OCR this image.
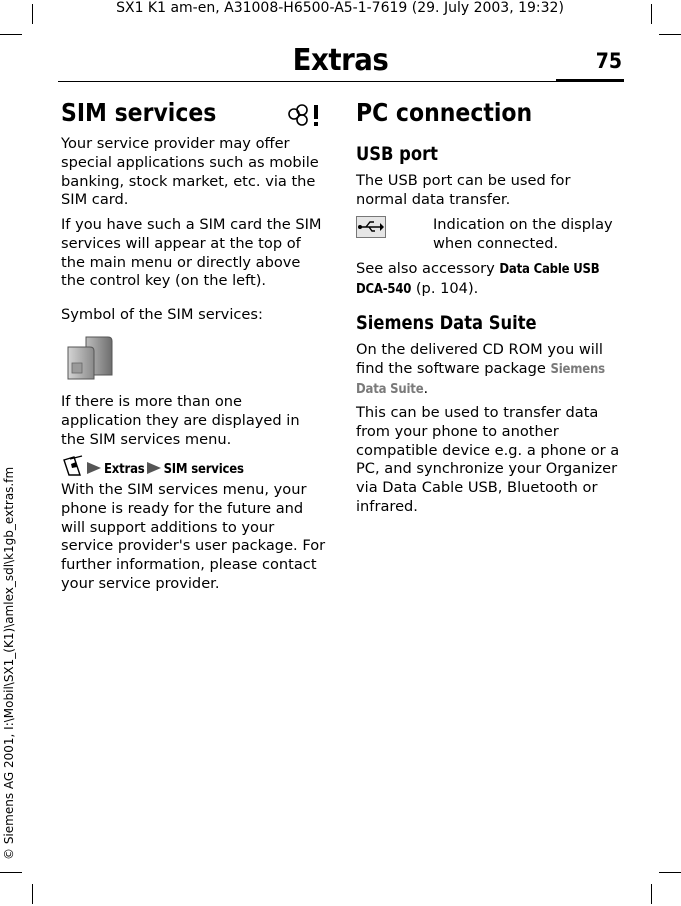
SX1 K1 am-en, A31008-H6500-A5-1-7619 (29. July 2003, 19:32)
© Siemens AG 2001, I:\Mobil\SX1_(K1)\amlex_sdl\k1gb_extras.fm
Extras	75
SIM services
Your service provider may offer special applications such as mobile banking, stock market, etc. via the SIM card.
If you have such a SIM card the SIM services will appear at the top of the main menu or directly above the control key (on the left).
Symbol of the SIM services:
If there is more than one application they are displayed in the SIM services menu.
Extras SIM services
With the SIM services menu, your phone is ready for the future and will support additions to your service provider's user package. For further information, please contact your service provider.
PC connection
USB port
The USB port can be used for normal data transfer.
Indication on the display when connected.
See also accessory Data Cable USB DCA-540 (p. 104).
Siemens Data Suite
On the delivered CD ROM you will find the software package Siemens Data Suite.
This can be used to transfer data from your phone to another compatible device e.g. a phone or a PC, and synchronize your Organizer via Data Cable USB, Bluetooth or infrared.
